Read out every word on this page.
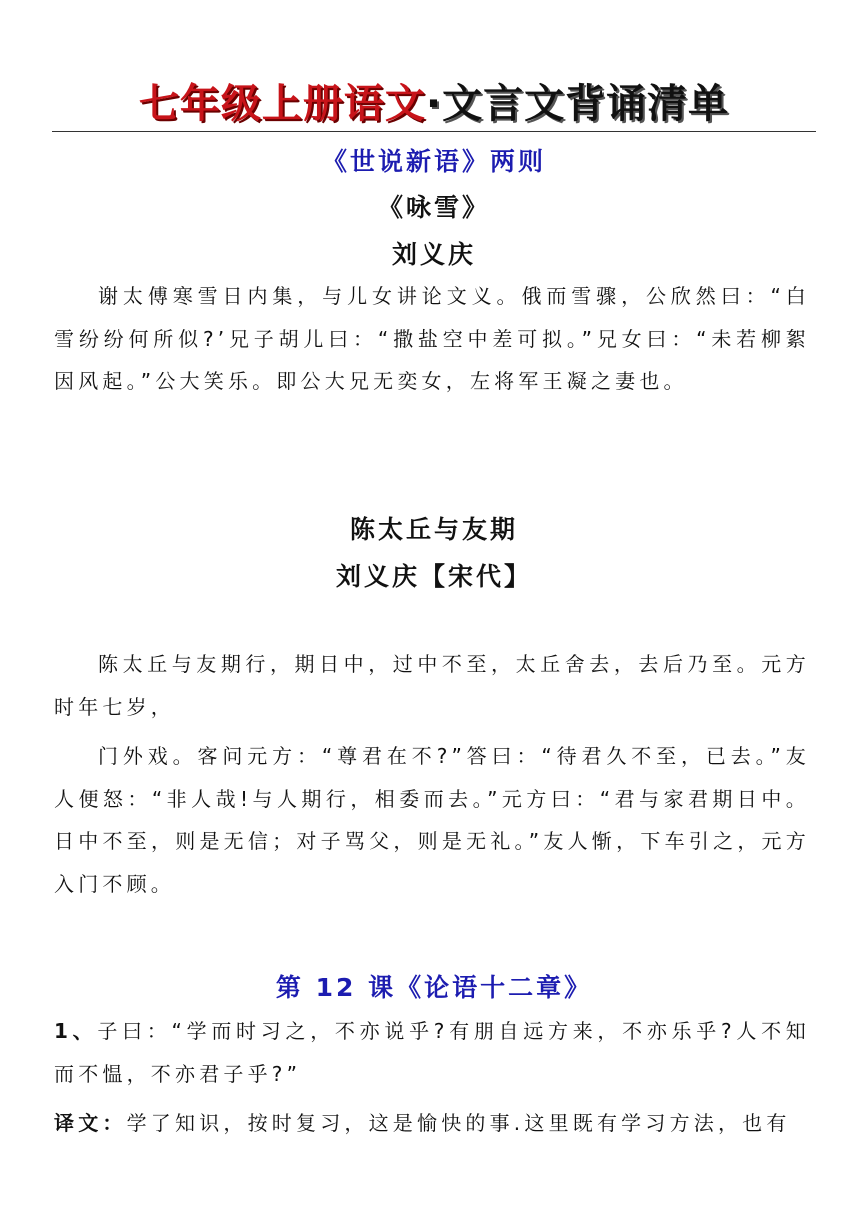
七年级上册语文·文言文背诵清单
《世说新语》两则
《咏雪》
刘义庆

谢太傅寒雪日内集，与儿女讲论文义。俄而雪骤，公欣然曰：“白雪纷纷何所似?’兄子胡儿曰：“撒盐空中差可拟。”兄女曰：“未若柳絮因风起。”公大笑乐。即公大兄无奕女，左将军王凝之妻也。

陈太丘与友期
刘义庆【宋代】

陈太丘与友期行，期日中，过中不至，太丘舍去，去后乃至。元方时年七岁，

门外戏。客问元方：“尊君在不?”答曰：“待君久不至，已去。”友人便怒：“非人哉!与人期行，相委而去。”元方曰：“君与家君期日中。日中不至，则是无信；对子骂父，则是无礼。”友人惭，下车引之，元方入门不顾。

第 12 课《论语十二章》

1、子曰：“学而时习之，不亦说乎?有朋自远方来，不亦乐乎?人不知而不愠，不亦君子乎?”

译文：学了知识，按时复习，这是愉快的事.这里既有学习方法，也有
